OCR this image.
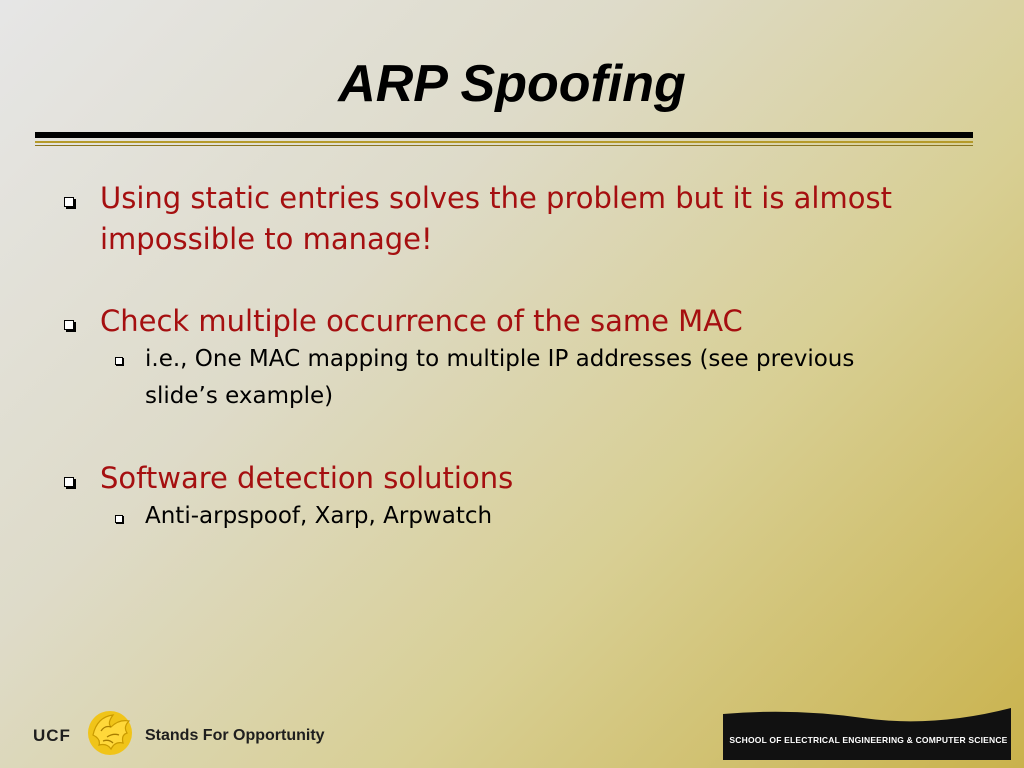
ARP Spoofing
Using static entries solves the problem but it is almost
impossible to manage!
Check multiple occurrence of the same MAC
i.e., One MAC mapping to multiple IP addresses (see previous
slide’s example)
Software detection solutions
Anti-arpspoof, Xarp, Arpwatch
UCF	Stands For Opportunity	SCHOOL OF ELECTRICAL ENGINEERING & COMPUTER SCIENCE
